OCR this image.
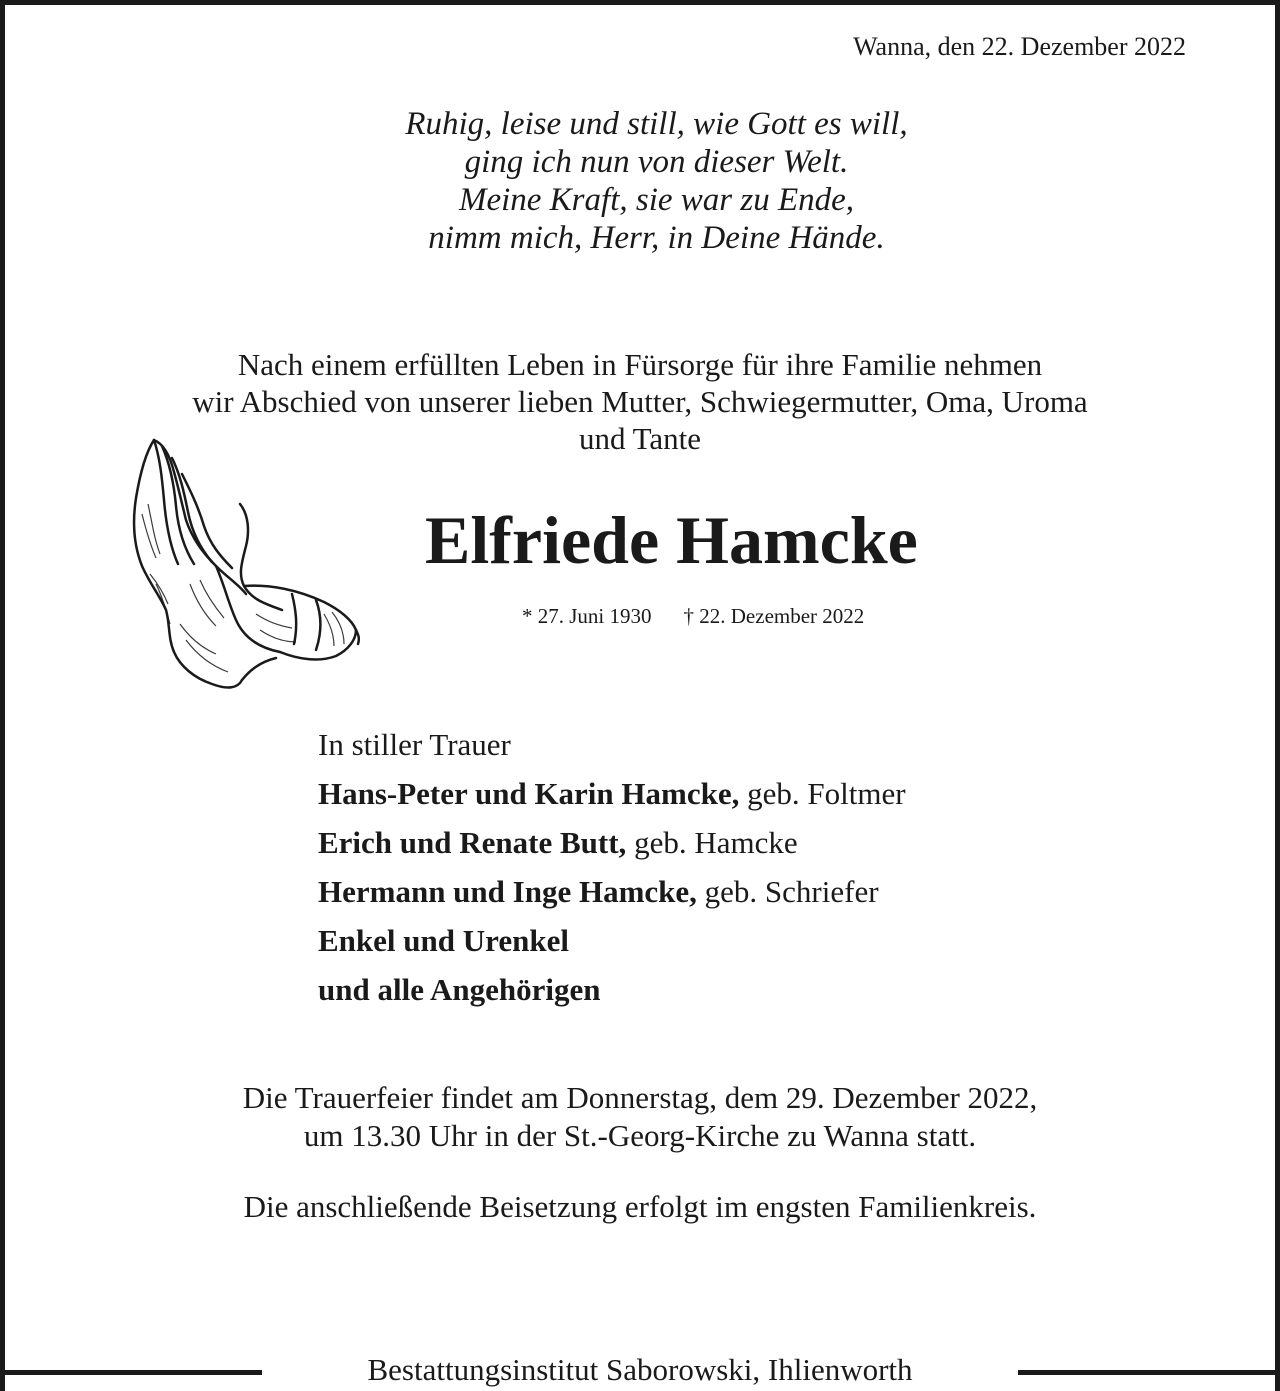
Wanna, den 22. Dezember 2022
Ruhig, leise und still, wie Gott es will,
ging ich nun von dieser Welt.
Meine Kraft, sie war zu Ende,
nimm mich, Herr, in Deine Hände.
Nach einem erfüllten Leben in Fürsorge für ihre Familie nehmen
wir Abschied von unserer lieben Mutter, Schwiegermutter, Oma, Uroma
und Tante
Elfriede Hamcke
* 27. Juni 1930 † 22. Dezember 2022
In stiller Trauer
Hans-Peter und Karin Hamcke, geb. Foltmer
Erich und Renate Butt, geb. Hamcke
Hermann und Inge Hamcke, geb. Schriefer
Enkel und Urenkel
und alle Angehörigen
Die Trauerfeier findet am Donnerstag, dem 29. Dezember 2022,
um 13.30 Uhr in der St.-Georg-Kirche zu Wanna statt.
Die anschließende Beisetzung erfolgt im engsten Familienkreis.
Bestattungsinstitut Saborowski, Ihlienworth
